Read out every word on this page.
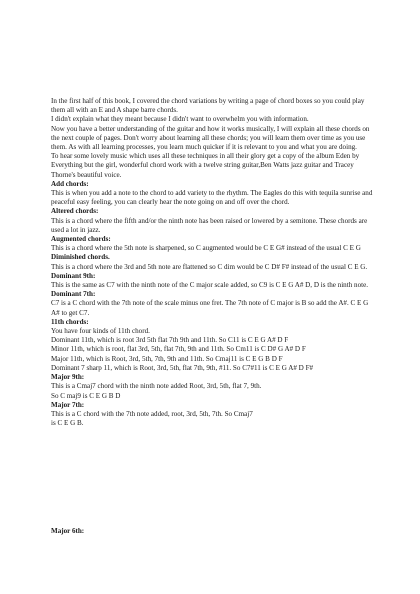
In the first half of this book, I covered the chord variations by writing a page of chord boxes so you could play them all with an E and A shape barre chords.

I didn't explain what they meant because I didn't want to overwhelm you with information.

Now you have a better understanding of the guitar and how it works musically, I will explain all these chords on the next couple of pages. Don't worry about learning all these chords; you will learn them over time as you use them. As with all learning processes, you learn much quicker if it is relevant to you and what you are doing.

To hear some lovely music which uses all these techniques in all their glory get a copy of the album Eden by Everything but the girl, wonderful chord work with a twelve string guitar,Ben Watts jazz guitar and Tracey Thorne's beautiful voice.

Add chords:

This is when you add a note to the chord to add variety to the rhythm. The Eagles do this with tequila sunrise and peaceful easy feeling, you can clearly hear the note going on and off over the chord.

Altered chords:

This is a chord where the fifth and/or the ninth note has been raised or lowered by a semitone. These chords are used a lot in jazz.

Augmented chords:

This is a chord where the 5th note is sharpened, so C augmented would be C E G# instead of the usual C E G

Diminished chords.

This is a chord where the 3rd and 5th note are flattened so C dim would be C D# F# instead of the usual C E G.

Dominant 9th:

This is the same as C7 with the ninth note of the C major scale added, so C9 is C E G A# D, D is the ninth note.

Dominant 7th:

C7 is a C chord with the 7th note of the scale minus one fret. The 7th note of C major is B so add the A#. C E G A# to get C7.

11th chords:

You have four kinds of 11th chord.

Dominant 11th, which is root 3rd 5th flat 7th 9th and 11th. So C11 is C E G A# D F

Minor 11th, which is root, flat 3rd, 5th, flat 7th, 9th and 11th. So Cm11 is C D# G A# D F

Major 11th, which is Root, 3rd, 5th, 7th, 9th and 11th. So Cmaj11 is C E G B D F

Dominant 7 sharp 11, which is Root, 3rd, 5th, flat 7th, 9th, #11. So C7#11 is C E G A# D F#

Major 9th:

This is a Cmaj7 chord with the ninth note added Root, 3rd, 5th, flat 7, 9th.

So C maj9 is C E G B D

Major 7th:

This is a C chord with the 7th note added, root, 3rd, 5th, 7th. So Cmaj7

is C E G B.

Major 6th:
